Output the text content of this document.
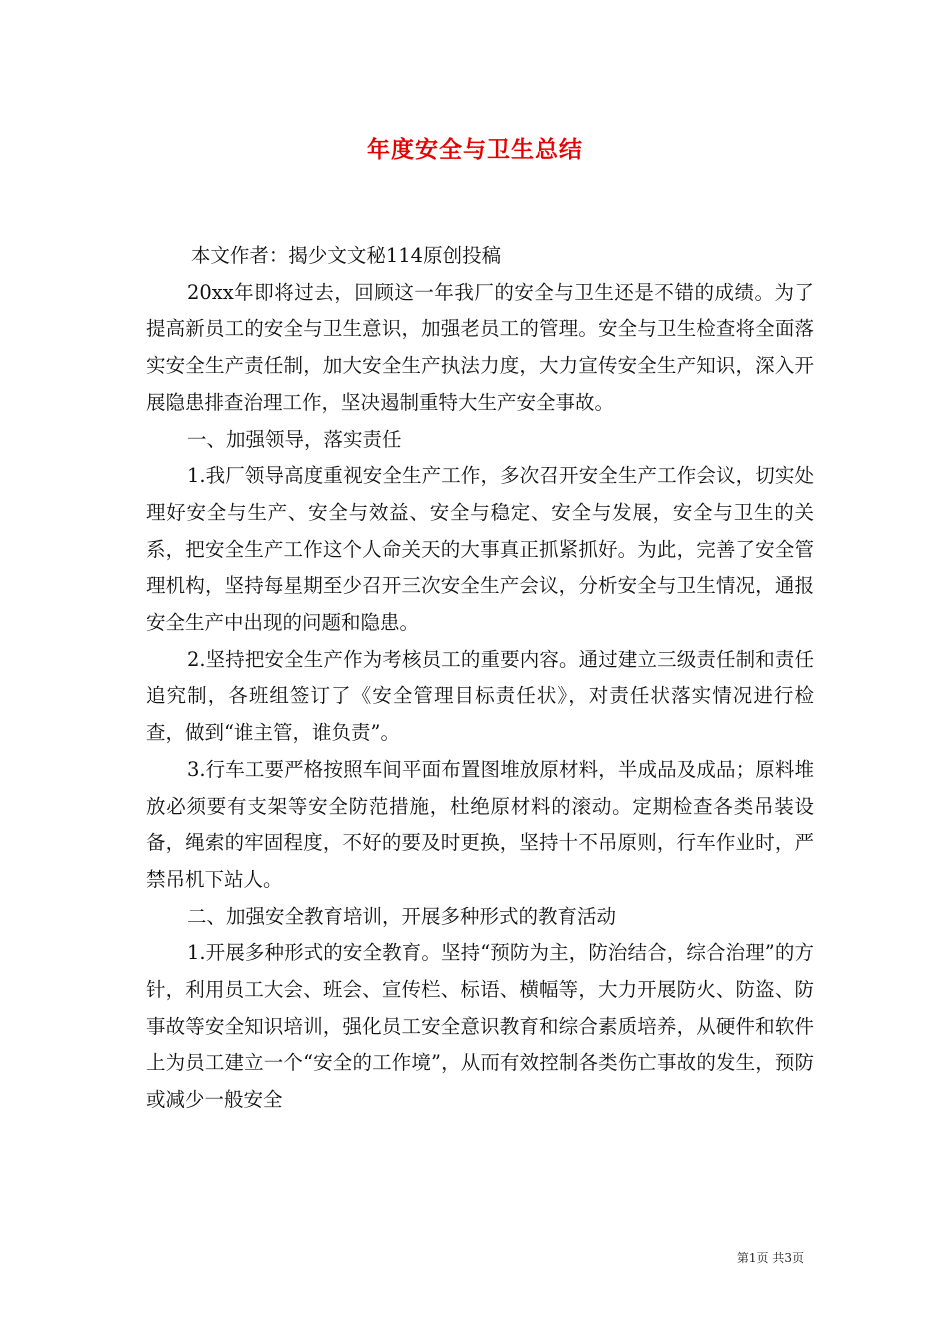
年度安全与卫生总结

本文作者：揭少文文秘114原创投稿

20xx年即将过去，回顾这一年我厂的安全与卫生还是不错的成绩。为了提高新员工的安全与卫生意识，加强老员工的管理。安全与卫生检查将全面落实安全生产责任制，加大安全生产执法力度，大力宣传安全生产知识，深入开展隐患排查治理工作，坚决遏制重特大生产安全事故。

一、加强领导，落实责任

1.我厂领导高度重视安全生产工作，多次召开安全生产工作会议，切实处理好安全与生产、安全与效益、安全与稳定、安全与发展，安全与卫生的关系，把安全生产工作这个人命关天的大事真正抓紧抓好。为此，完善了安全管理机构，坚持每星期至少召开三次安全生产会议，分析安全与卫生情况，通报安全生产中出现的问题和隐患。

2.坚持把安全生产作为考核员工的重要内容。通过建立三级责任制和责任追究制，各班组签订了《安全管理目标责任状》，对责任状落实情况进行检查，做到“谁主管，谁负责”。

3.行车工要严格按照车间平面布置图堆放原材料，半成品及成品；原料堆放必须要有支架等安全防范措施，杜绝原材料的滚动。定期检查各类吊装设备，绳索的牢固程度，不好的要及时更换，坚持十不吊原则，行车作业时，严禁吊机下站人。

二、加强安全教育培训，开展多种形式的教育活动

1.开展多种形式的安全教育。坚持“预防为主，防治结合，综合治理”的方针，利用员工大会、班会、宣传栏、标语、横幅等，大力开展防火、防盗、防事故等安全知识培训，强化员工安全意识教育和综合素质培养，从硬件和软件上为员工建立一个“安全的工作境”，从而有效控制各类伤亡事故的发生，预防或减少一般安全

第1页 共3页
